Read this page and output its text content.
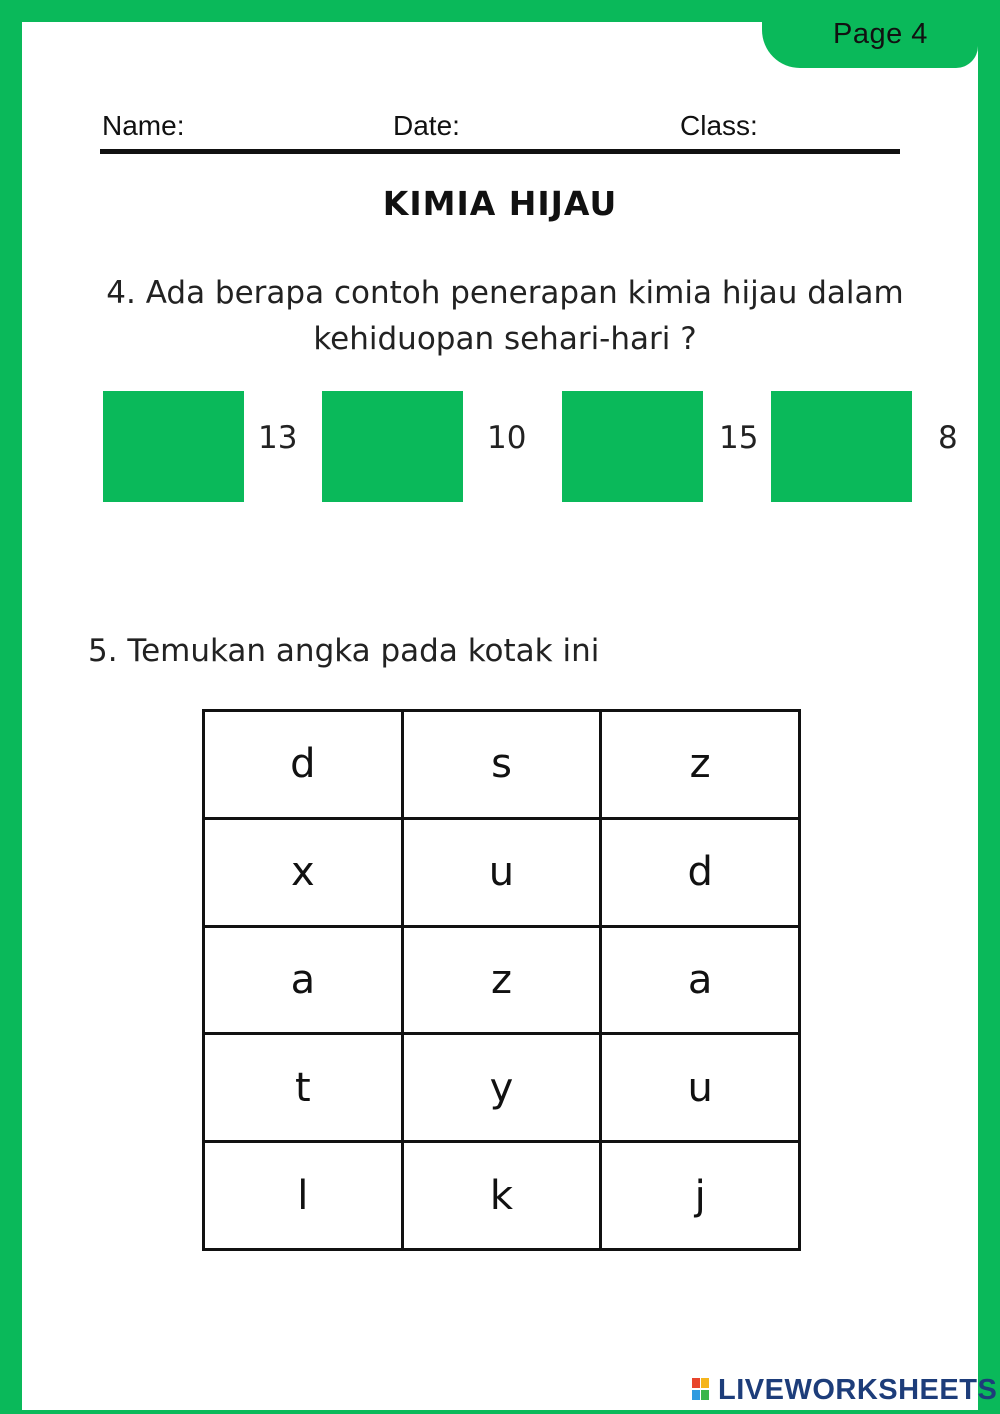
Page 4
Name:	Date:	Class:
KIMIA HIJAU
4. Ada berapa contoh penerapan kimia hijau dalam
kehiduopan sehari-hari ?
13	10	15	8
5. Temukan angka pada kotak ini
d	s	z
x	u	d
a	z	a
t	y	u
l	k	j
LIVEWORKSHEETS
